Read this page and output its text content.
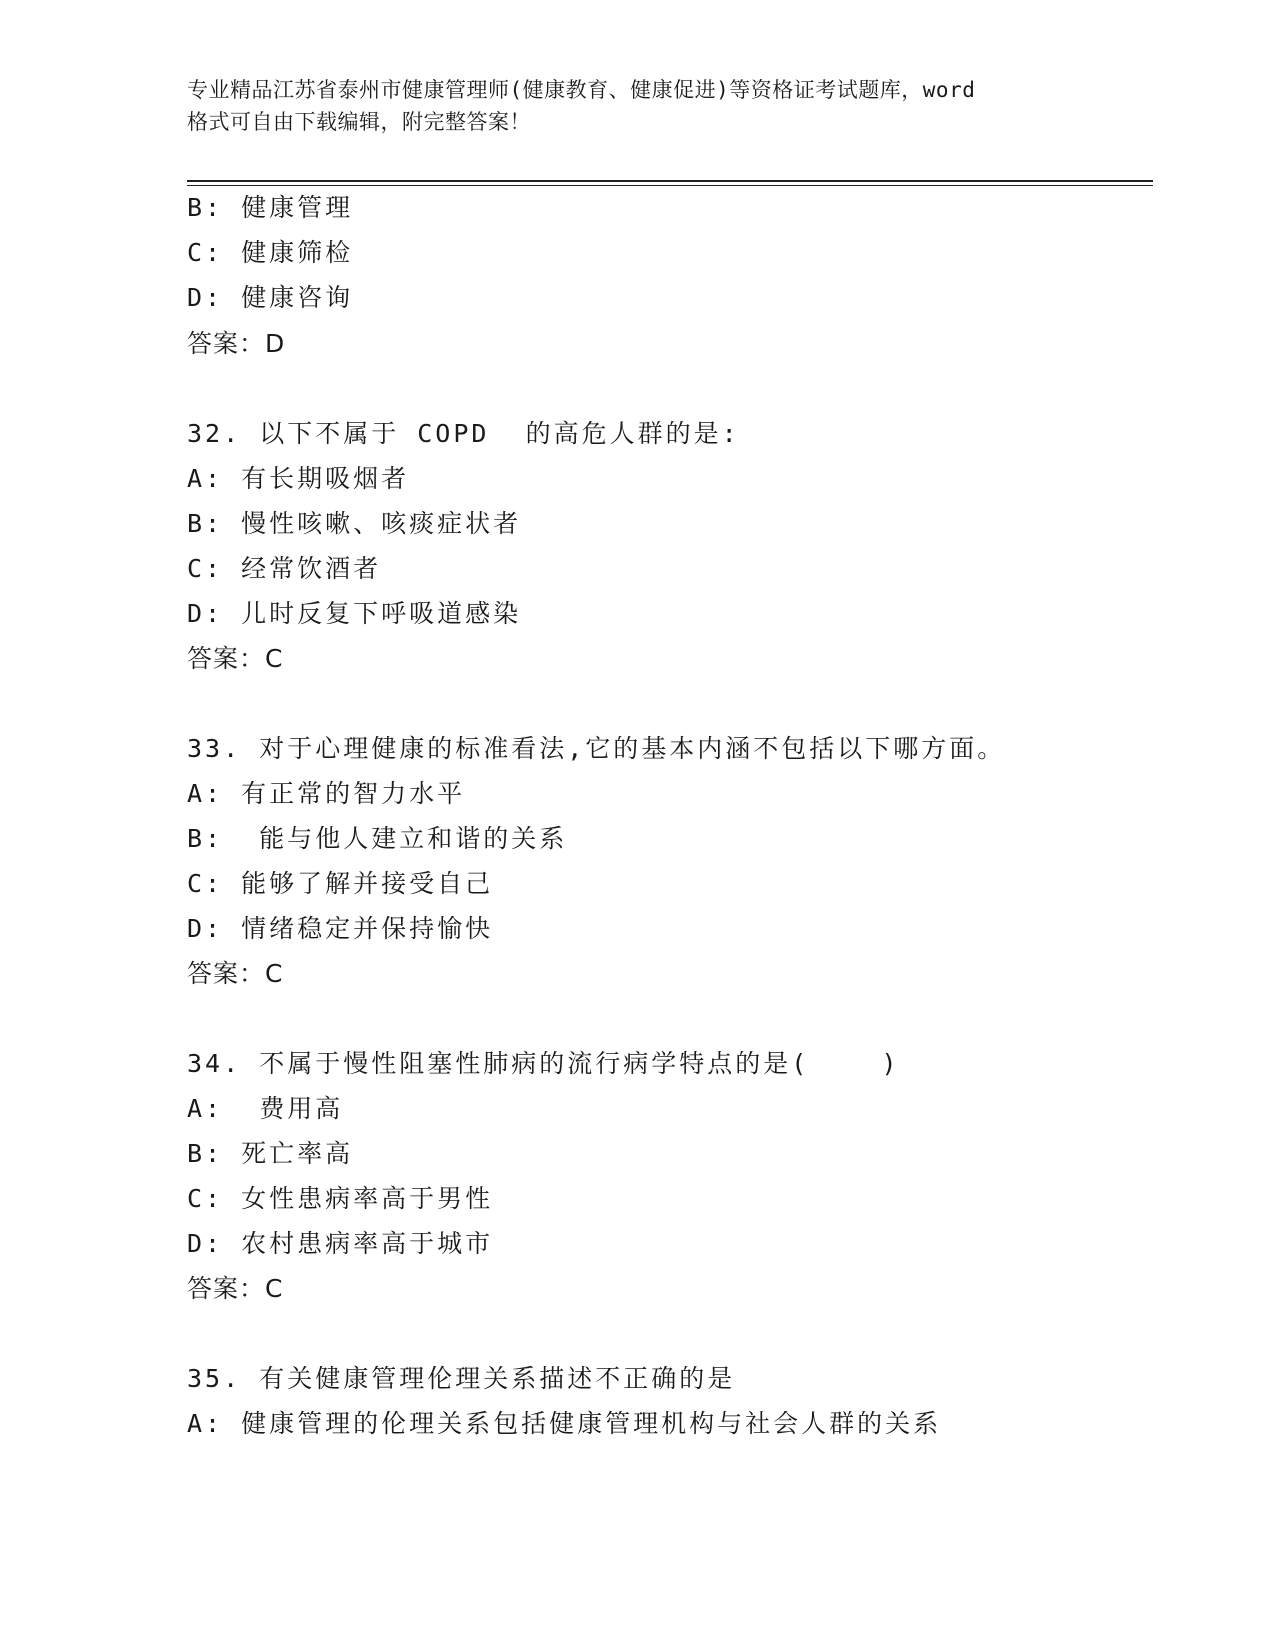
专业精品江苏省泰州市健康管理师(健康教育、健康促进)等资格证考试题库，word
格式可自由下载编辑，附完整答案！
B: 健康管理
C: 健康筛检
D: 健康咨询
答案：D
32. 以下不属于 COPD  的高危人群的是:
A: 有长期吸烟者
B: 慢性咳嗽、咳痰症状者
C: 经常饮酒者
D: 儿时反复下呼吸道感染
答案：C
33. 对于心理健康的标准看法,它的基本内涵不包括以下哪方面。
A: 有正常的智力水平
B:  能与他人建立和谐的关系
C: 能够了解并接受自己
D: 情绪稳定并保持愉快
答案：C
34. 不属于慢性阻塞性肺病的流行病学特点的是(    )
A:  费用高
B: 死亡率高
C: 女性患病率高于男性
D: 农村患病率高于城市
答案：C
35. 有关健康管理伦理关系描述不正确的是
A: 健康管理的伦理关系包括健康管理机构与社会人群的关系
